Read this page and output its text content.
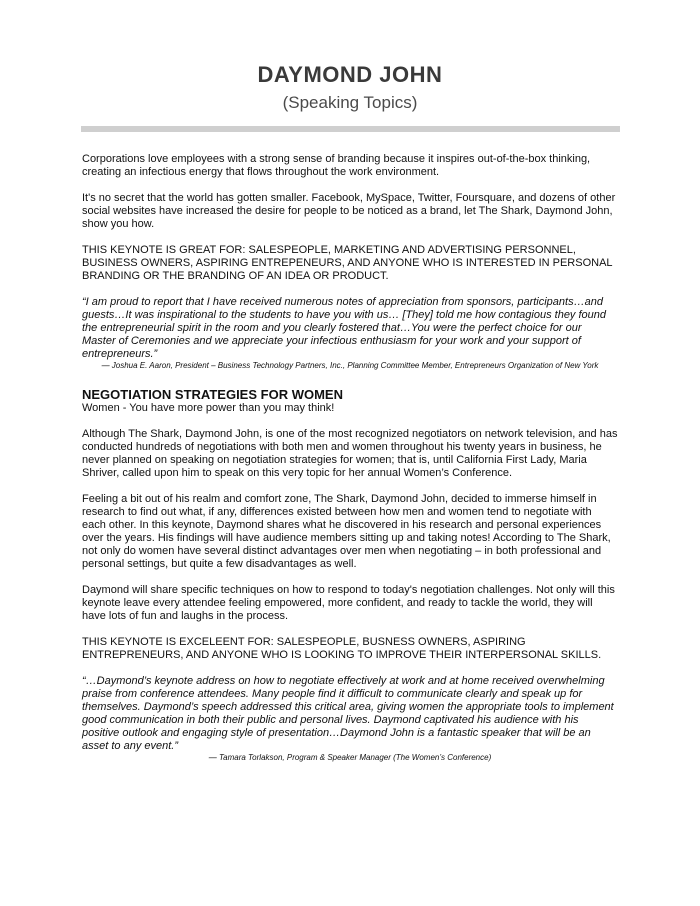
DAYMOND JOHN
(Speaking Topics)

Corporations love employees with a strong sense of branding because it inspires out-of-the-box thinking, creating an infectious energy that flows throughout the work environment.

It's no secret that the world has gotten smaller. Facebook, MySpace, Twitter, Foursquare, and dozens of other social websites have increased the desire for people to be noticed as a brand, let The Shark, Daymond John, show you how.

THIS KEYNOTE IS GREAT FOR: SALESPEOPLE, MARKETING AND ADVERTISING PERSONNEL, BUSINESS OWNERS, ASPIRING ENTREPENEURS, AND ANYONE WHO IS INTERESTED IN PERSONAL BRANDING OR THE BRANDING OF AN IDEA OR PRODUCT.

“I am proud to report that I have received numerous notes of appreciation from sponsors, participants…and guests…It was inspirational to the students to have you with us… [They] told me how contagious they found the entrepreneurial spirit in the room and you clearly fostered that…You were the perfect choice for our Master of Ceremonies and we appreciate your infectious enthusiasm for your work and your support of entrepreneurs.”

— Joshua E. Aaron, President – Business Technology Partners, Inc., Planning Committee Member, Entrepreneurs Organization of New York

NEGOTIATION STRATEGIES FOR WOMEN

Women - You have more power than you may think!

Although The Shark, Daymond John, is one of the most recognized negotiators on network television, and has conducted hundreds of negotiations with both men and women throughout his twenty years in business, he never planned on speaking on negotiation strategies for women; that is, until California First Lady, Maria Shriver, called upon him to speak on this very topic for her annual Women’s Conference.

Feeling a bit out of his realm and comfort zone, The Shark, Daymond John, decided to immerse himself in research to find out what, if any, differences existed between how men and women tend to negotiate with each other. In this keynote, Daymond shares what he discovered in his research and personal experiences over the years. His findings will have audience members sitting up and taking notes! According to The Shark, not only do women have several distinct advantages over men when negotiating – in both professional and personal settings, but quite a few disadvantages as well.

Daymond will share specific techniques on how to respond to today's negotiation challenges. Not only will this keynote leave every attendee feeling empowered, more confident, and ready to tackle the world, they will have lots of fun and laughs in the process.

THIS KEYNOTE IS EXCELEENT FOR: SALESPEOPLE, BUSNESS OWNERS, ASPIRING ENTREPRENEURS, AND ANYONE WHO IS LOOKING TO IMPROVE THEIR INTERPERSONAL SKILLS.

“…Daymond’s keynote address on how to negotiate effectively at work and at home received overwhelming praise from conference attendees. Many people find it difficult to communicate clearly and speak up for themselves. Daymond’s speech addressed this critical area, giving women the appropriate tools to implement good communication in both their public and personal lives. Daymond captivated his audience with his positive outlook and engaging style of presentation…Daymond John is a fantastic speaker that will be an asset to any event.”

— Tamara Torlakson, Program & Speaker Manager (The Women’s Conference)
